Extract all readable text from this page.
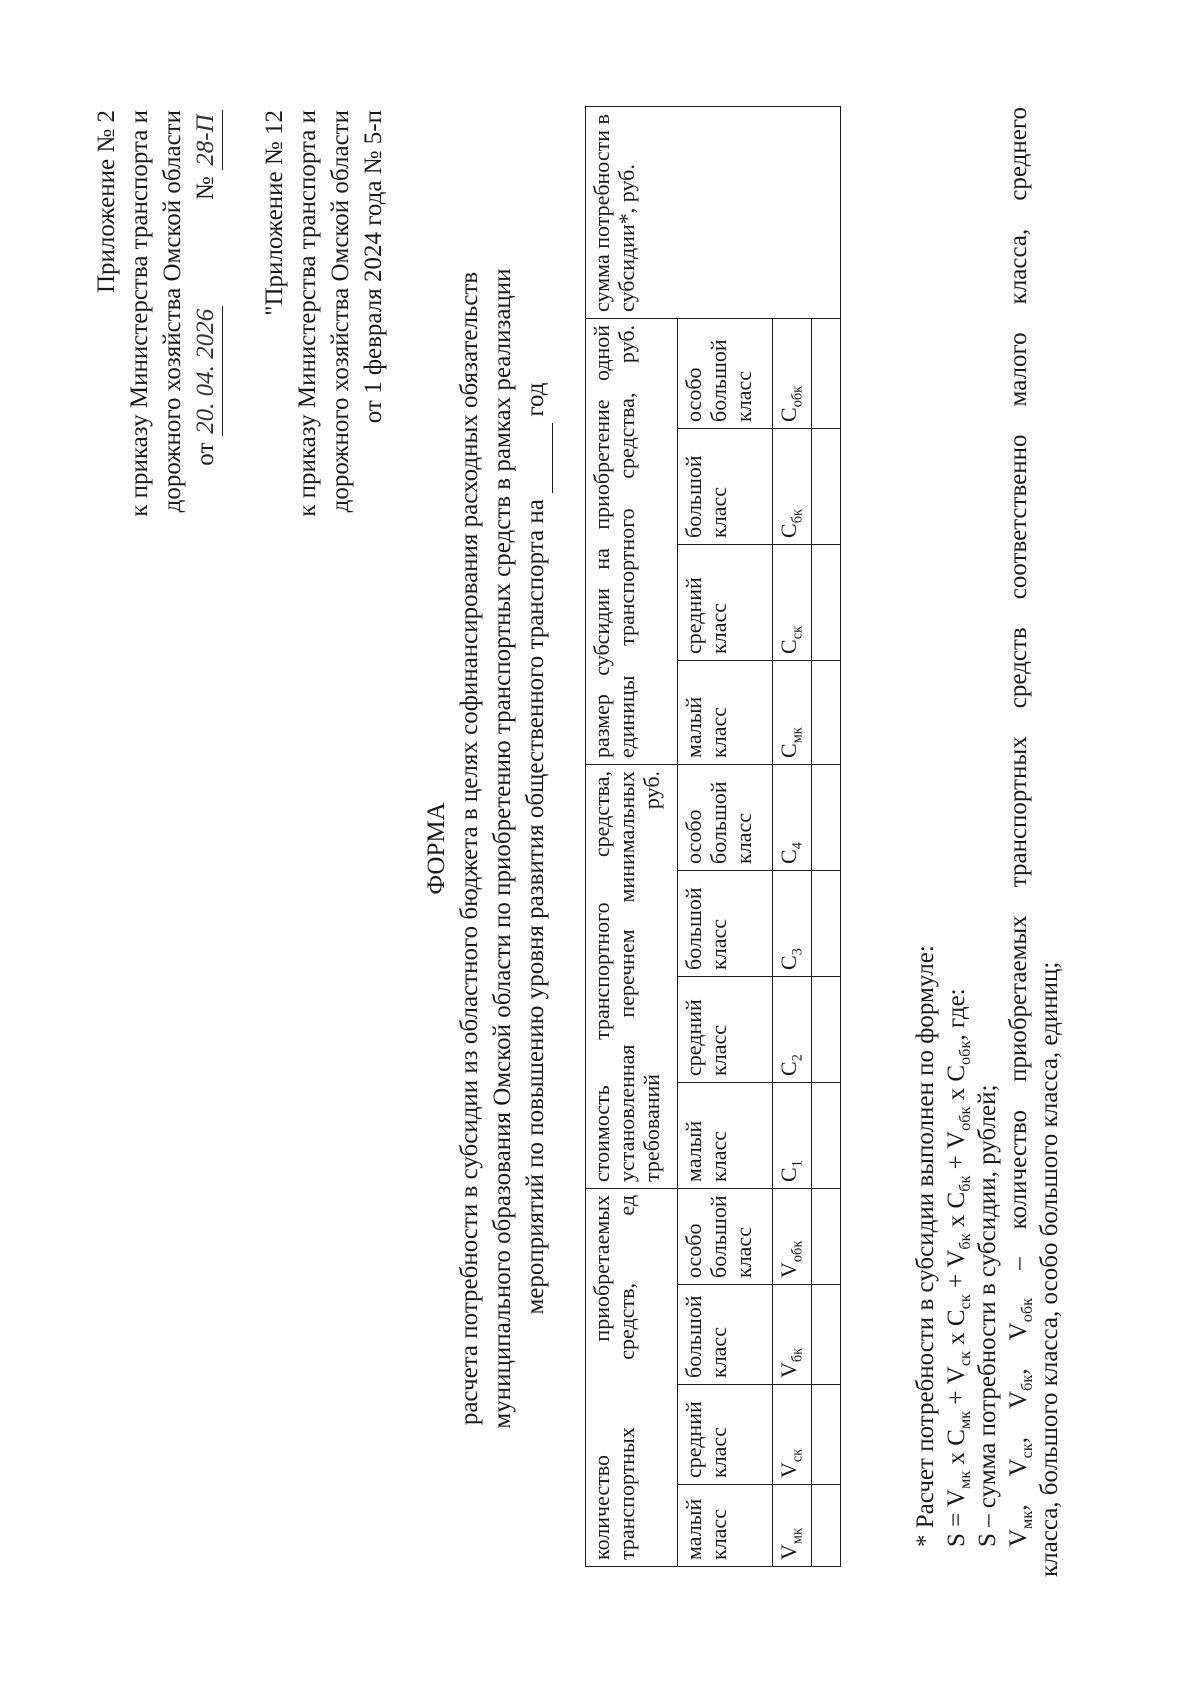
Приложение № 2 к приказу Министерства транспорта и дорожного хозяйства Омской области от 20. 04. 2026                 № 28-П "Приложение № 12 к приказу Министерства транспорта и дорожного хозяйства Омской области от 1 февраля 2024 года № 5-п
ФОРМА расчета потребности в субсидии из областного бюджета в целях софинансирования расходных обязательств муниципального образования Омской области по приобретению транспортных средств в рамках реализации мероприятий по повышению уровня развития общественного транспорта на   год
количество приобретаемых транспортных средств, ед				стоимость транспортного средства, установленная перечнем минимальных требований руб.				размер субсидии на приобретение одной единицы транспортного средства, руб.				сумма потребности в субсидии*, руб.
малый класс	средний класс	большой класс	особо большой класс	малый класс	средний класс	большой класс	особо большой класс	малый класс	средний класс	большой класс	особо большой класс	
$V_{мк}$	$V_{ск}$	$V_{бк}$	$V_{обк}$	$C_1$	$C_2$	$C_3$	$C_4$	$C_{мк}$	$C_{ск}$	$C_{бк}$	$C_{обк}$

* Расчет потребности в субсидии выполнен по формуле: $S = V_{мк}$ x $C_{мк} + V_{ск}$ x $C_{ск} + V_{бк}$ x $C_{бк} + V_{обк}$ x $C_{обк}$, где:
S – сумма потребности в субсидии, рублей; $V_{мк}$, $V_{ск}$, $V_{бк}$, $V_{обк}$ – количество приобретаемых транспортных средств соответственно малого класса, среднего класса, большого класса, особо большого класса, единиц;
